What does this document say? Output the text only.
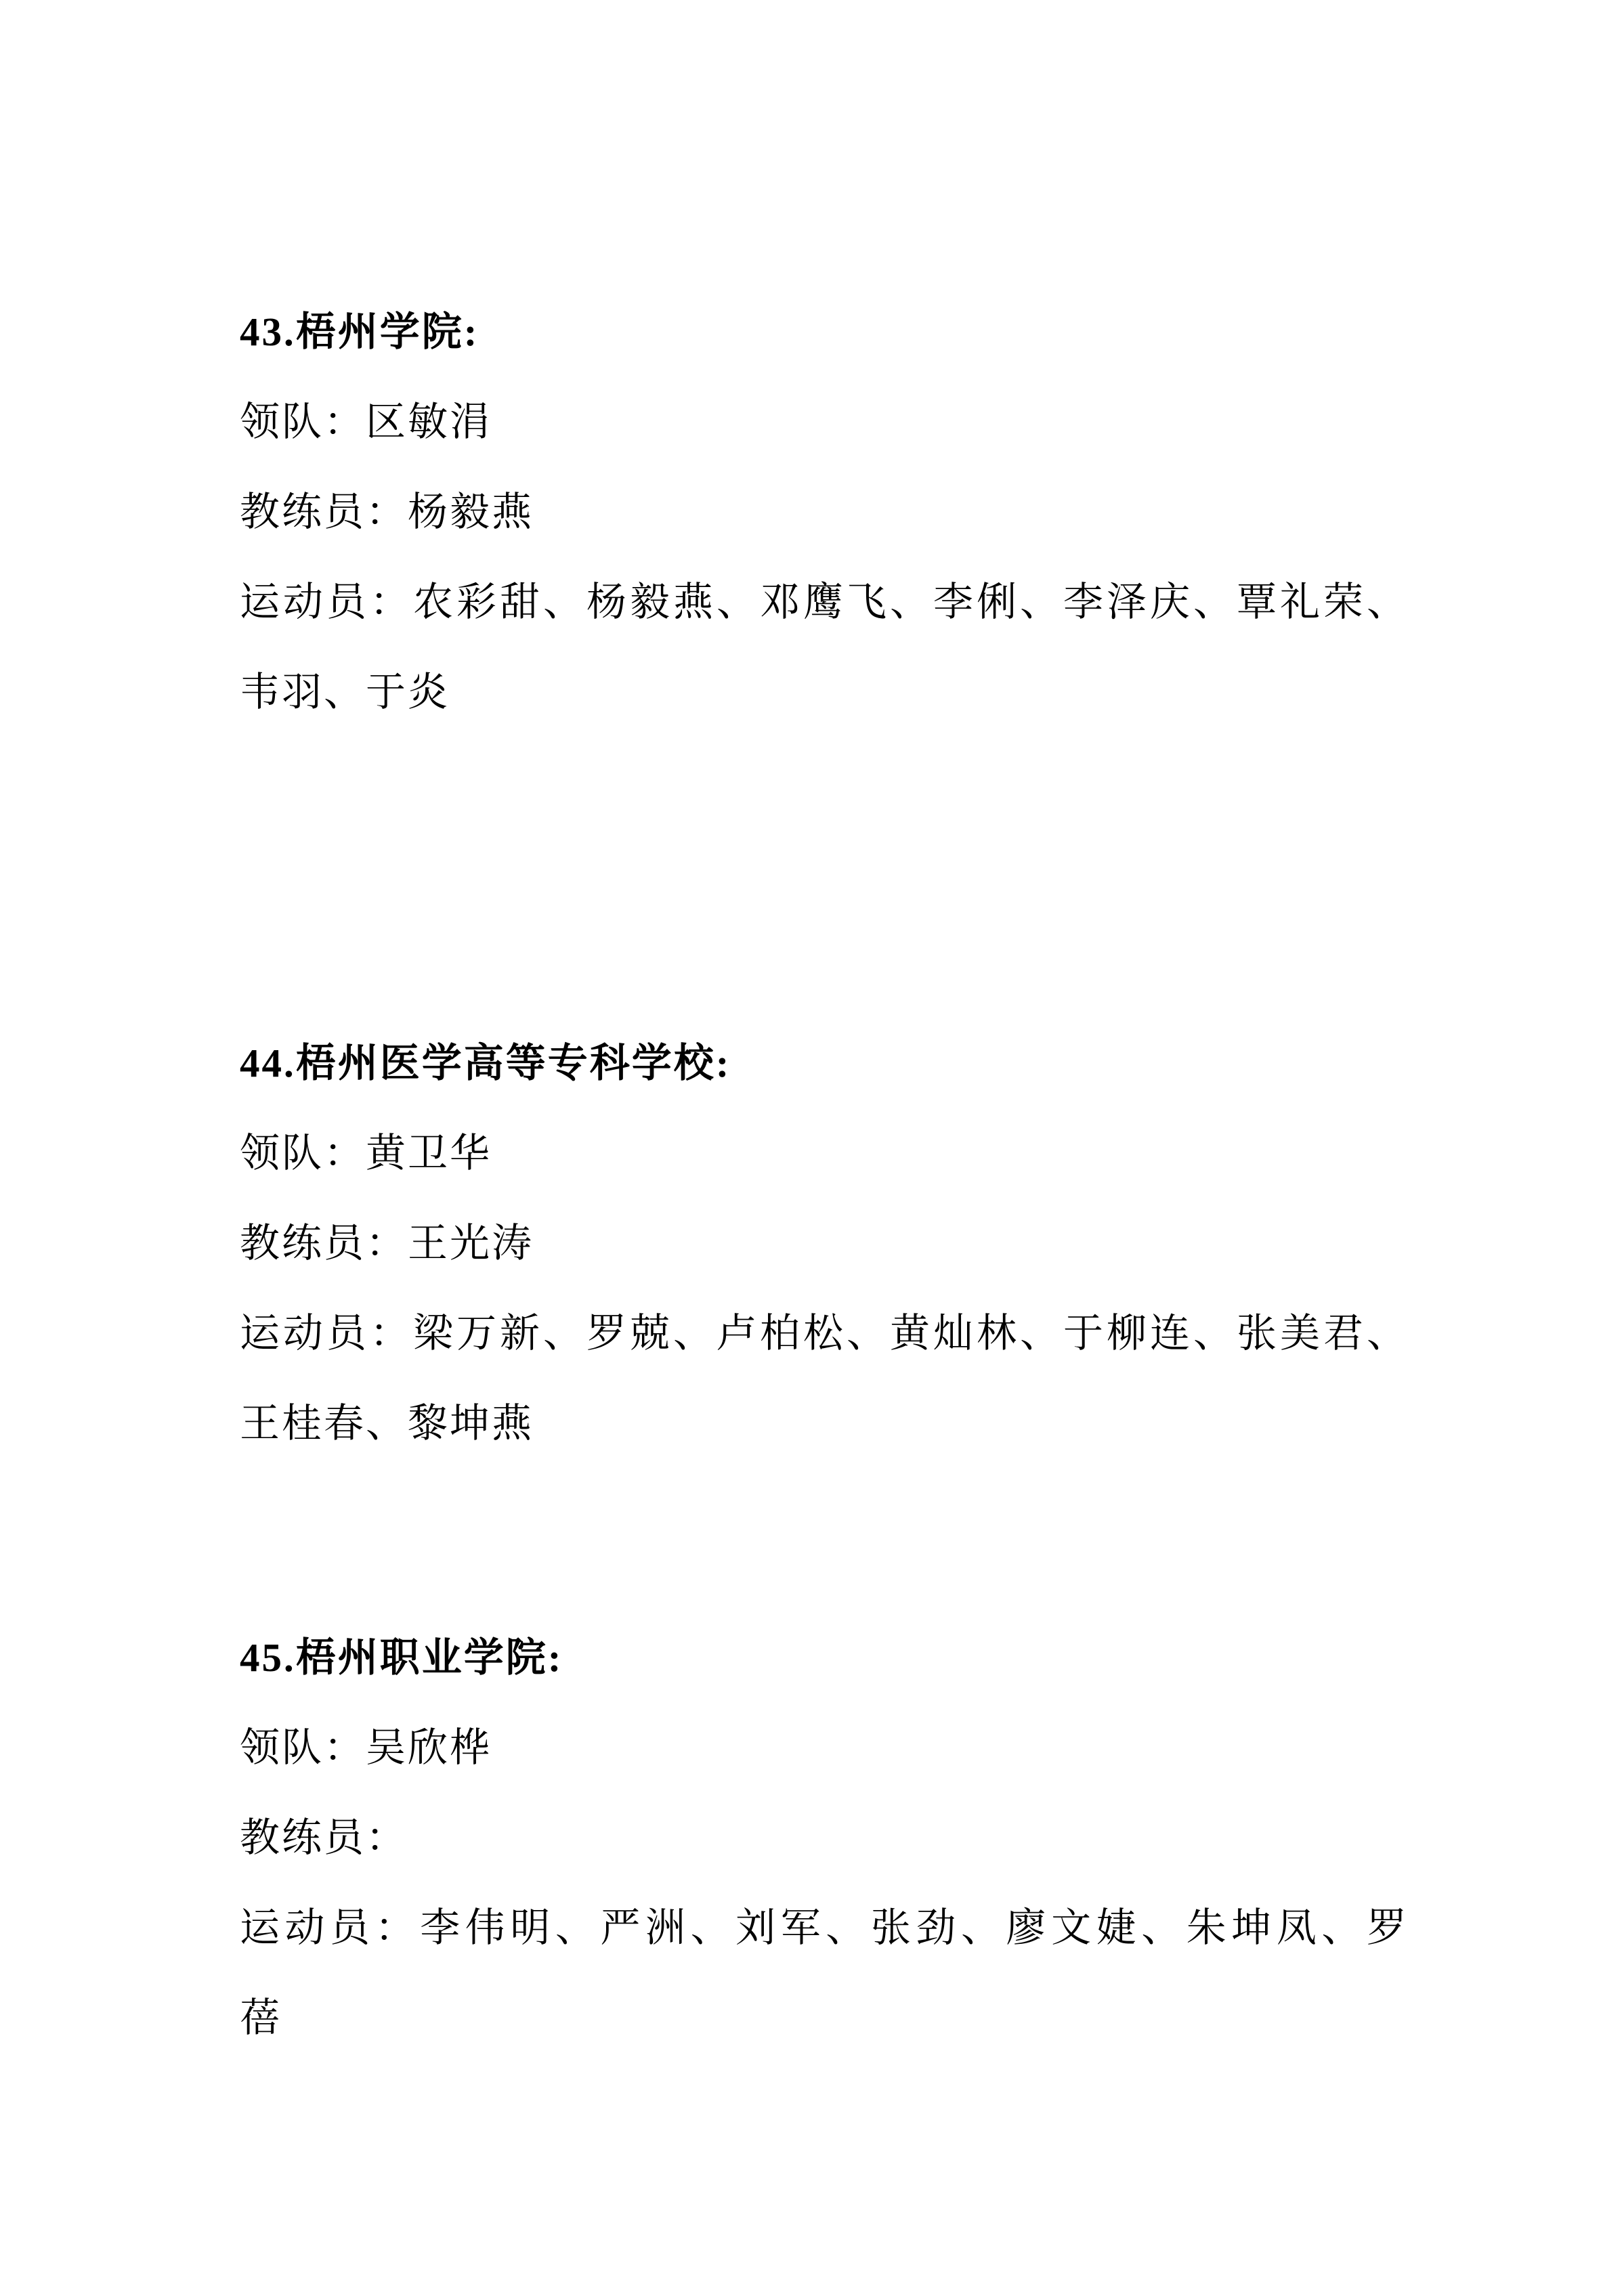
43.梧州学院:
领队：区敏涓
教练员：杨毅燕
运动员：农彩甜、杨毅燕、邓鹰飞、李俐、李泽庆、覃礼荣、
韦羽、于炎
44.梧州医学高等专科学校:
领队：黄卫华
教练员：王光涛
运动员：梁万新、罗兢、卢柏松、黄灿林、于柳连、张美君、
王桂春、黎坤燕
45.梧州职业学院:
领队：吴欣桦
教练员：
运动员：李伟明、严洲、刘军、张劲、廖文婕、朱坤凤、罗
蓓
